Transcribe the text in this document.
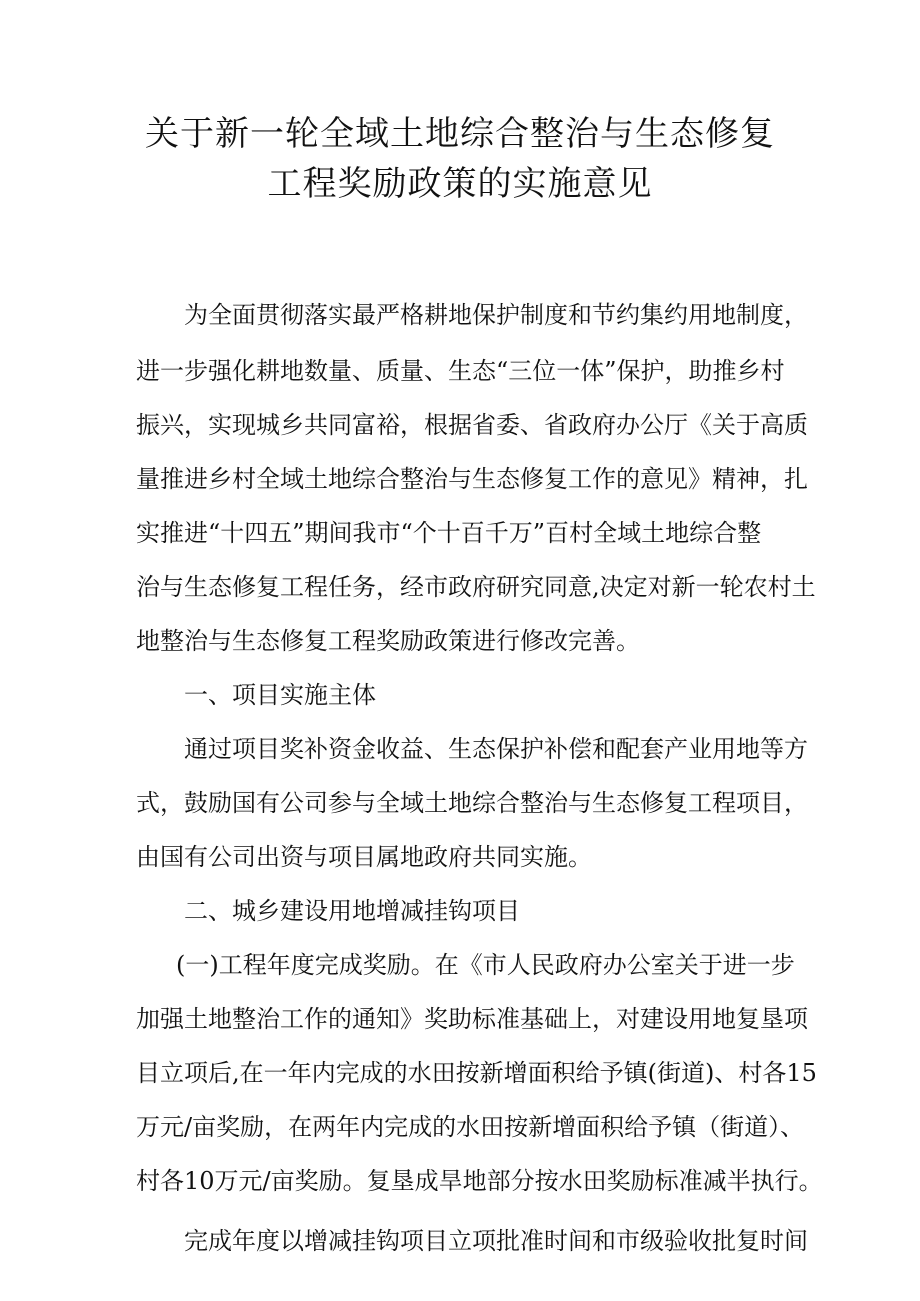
关于新一轮全域土地综合整治与生态修复
工程奖励政策的实施意见
为全面贯彻落实最严格耕地保护制度和节约集约用地制度，
进一步强化耕地数量、质量、生态“三位一体”保护，助推乡村
振兴，实现城乡共同富裕，根据省委、省政府办公厅《关于高质
量推进乡村全域土地综合整治与生态修复工作的意见》精神，扎
实推进“十四五”期间我市“个十百千万”百村全域土地综合整
治与生态修复工程任务，经市政府研究同意,决定对新一轮农村土
地整治与生态修复工程奖励政策进行修改完善。
一、项目实施主体
通过项目奖补资金收益、生态保护补偿和配套产业用地等方
式，鼓励国有公司参与全域土地综合整治与生态修复工程项目，
由国有公司出资与项目属地政府共同实施。
二、城乡建设用地增减挂钩项目
(一)工程年度完成奖励。在《市人民政府办公室关于进一步
加强土地整治工作的通知》奖助标准基础上，对建设用地复垦项
目立项后,在一年内完成的水田按新增面积给予镇(街道)、村各15
万元/亩奖励，在两年内完成的水田按新增面积给予镇（街道）、
村各10万元/亩奖励。复垦成旱地部分按水田奖励标准减半执行。
完成年度以增减挂钩项目立项批准时间和市级验收批复时间
